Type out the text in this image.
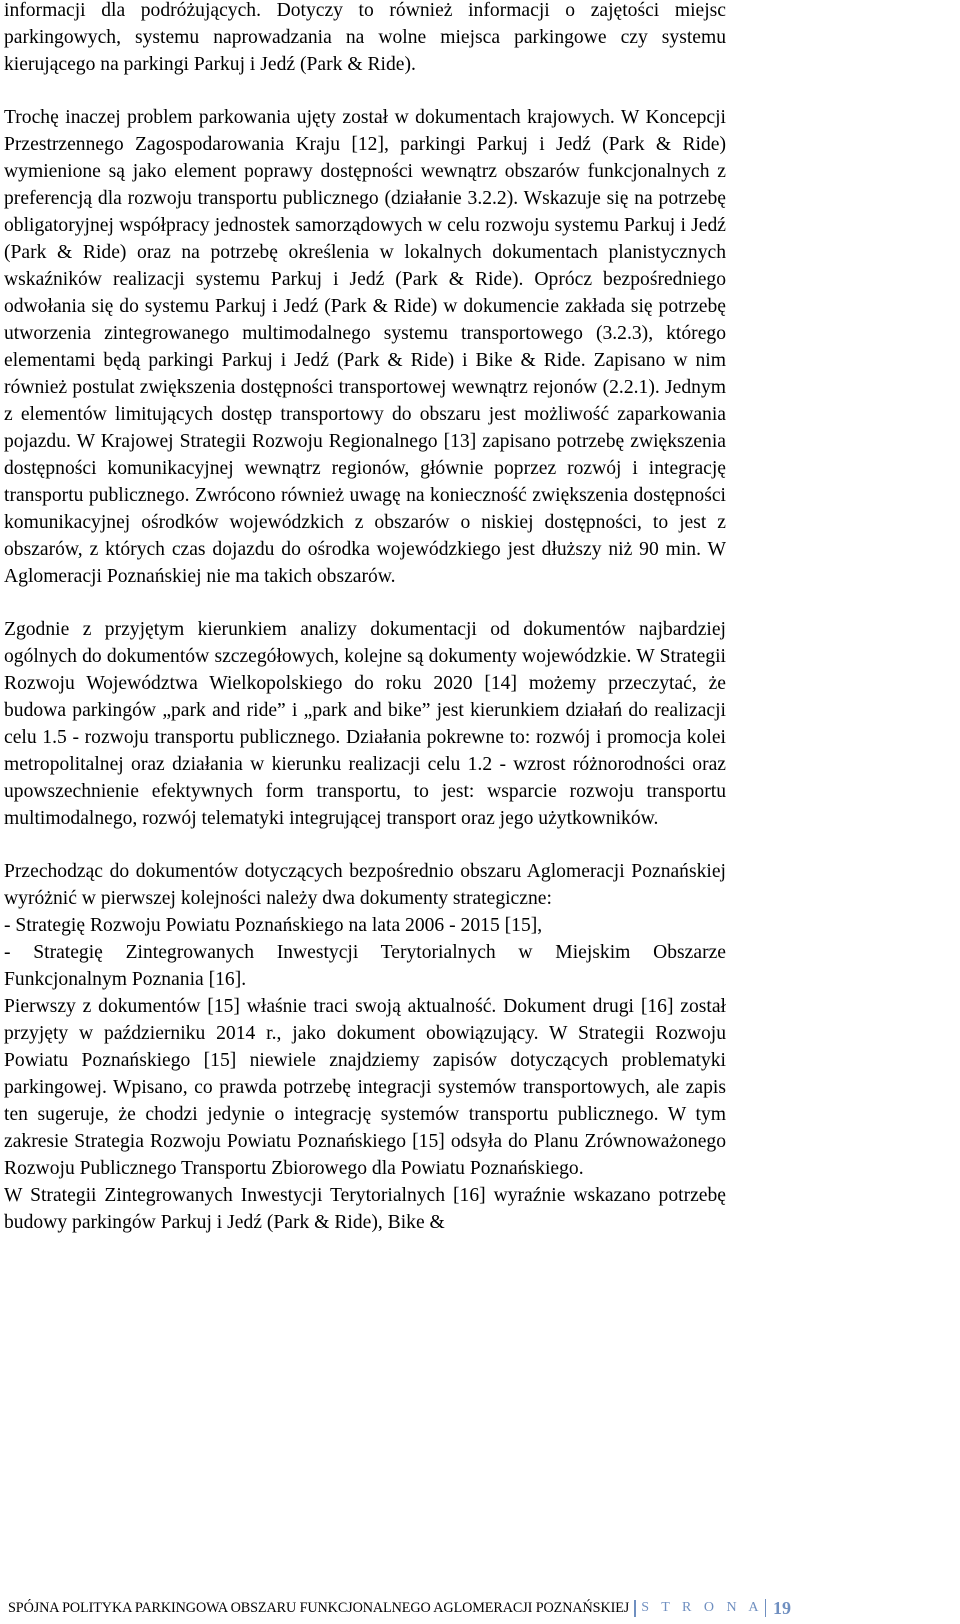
informacji dla podróżujących. Dotyczy to również informacji o zajętości miejsc parkingowych, systemu naprowadzania na wolne miejsca parkingowe czy systemu kierującego na parkingi Parkuj i Jedź (Park & Ride).

Trochę inaczej problem parkowania ujęty został w dokumentach krajowych. W Koncepcji Przestrzennego Zagospodarowania Kraju [12], parkingi Parkuj i Jedź (Park & Ride) wymienione są jako element poprawy dostępności wewnątrz obszarów funkcjonalnych z preferencją dla rozwoju transportu publicznego (działanie 3.2.2). Wskazuje się na potrzebę obligatoryjnej współpracy jednostek samorządowych w celu rozwoju systemu Parkuj i Jedź (Park & Ride) oraz na potrzebę określenia w lokalnych dokumentach planistycznych wskaźników realizacji systemu Parkuj i Jedź (Park & Ride). Oprócz bezpośredniego odwołania się do systemu Parkuj i Jedź (Park & Ride) w dokumencie zakłada się potrzebę utworzenia zintegrowanego multimodalnego systemu transportowego (3.2.3), którego elementami będą parkingi Parkuj i Jedź (Park & Ride) i Bike & Ride. Zapisano w nim również postulat zwiększenia dostępności transportowej wewnątrz rejonów (2.2.1). Jednym z elementów limitujących dostęp transportowy do obszaru jest możliwość zaparkowania pojazdu. W Krajowej Strategii Rozwoju Regionalnego [13] zapisano potrzebę zwiększenia dostępności komunikacyjnej wewnątrz regionów, głównie poprzez rozwój i integrację transportu publicznego. Zwrócono również uwagę na konieczność zwiększenia dostępności komunikacyjnej ośrodków wojewódzkich z obszarów o niskiej dostępności, to jest z obszarów, z których czas dojazdu do ośrodka wojewódzkiego jest dłuższy niż 90 min. W Aglomeracji Poznańskiej nie ma takich obszarów.

Zgodnie z przyjętym kierunkiem analizy dokumentacji od dokumentów najbardziej ogólnych do dokumentów szczegółowych, kolejne są dokumenty wojewódzkie. W Strategii Rozwoju Województwa Wielkopolskiego do roku 2020 [14] możemy przeczytać, że budowa parkingów „park and ride” i „park and bike” jest kierunkiem działań do realizacji celu 1.5 - rozwoju transportu publicznego. Działania pokrewne to: rozwój i promocja kolei metropolitalnej oraz działania w kierunku realizacji celu 1.2 - wzrost różnorodności oraz upowszechnienie efektywnych form transportu, to jest: wsparcie rozwoju transportu multimodalnego, rozwój telematyki integrującej transport oraz jego użytkowników.

Przechodząc do dokumentów dotyczących bezpośrednio obszaru Aglomeracji Poznańskiej wyróżnić w pierwszej kolejności należy dwa dokumenty strategiczne:

- Strategię Rozwoju Powiatu Poznańskiego na lata 2006 - 2015 [15],

- Strategię Zintegrowanych Inwestycji Terytorialnych w Miejskim Obszarze Funkcjonalnym Poznania [16].

Pierwszy z dokumentów [15] właśnie traci swoją aktualność. Dokument drugi [16] został przyjęty w październiku 2014 r., jako dokument obowiązujący. W Strategii Rozwoju Powiatu Poznańskiego [15] niewiele znajdziemy zapisów dotyczących problematyki parkingowej. Wpisano, co prawda potrzebę integracji systemów transportowych, ale zapis ten sugeruje, że chodzi jedynie o integrację systemów transportu publicznego. W tym zakresie Strategia Rozwoju Powiatu Poznańskiego [15] odsyła do Planu Zrównoważonego Rozwoju Publicznego Transportu Zbiorowego dla Powiatu Poznańskiego.

W Strategii Zintegrowanych Inwestycji Terytorialnych [16] wyraźnie wskazano potrzebę budowy parkingów Parkuj i Jedź (Park & Ride), Bike &

SPÓJNA POLITYKA PARKINGOWA OBSZARU FUNKCJONALNEGO AGLOMERACJI POZNAŃSKIEJ S T R O N A 19
